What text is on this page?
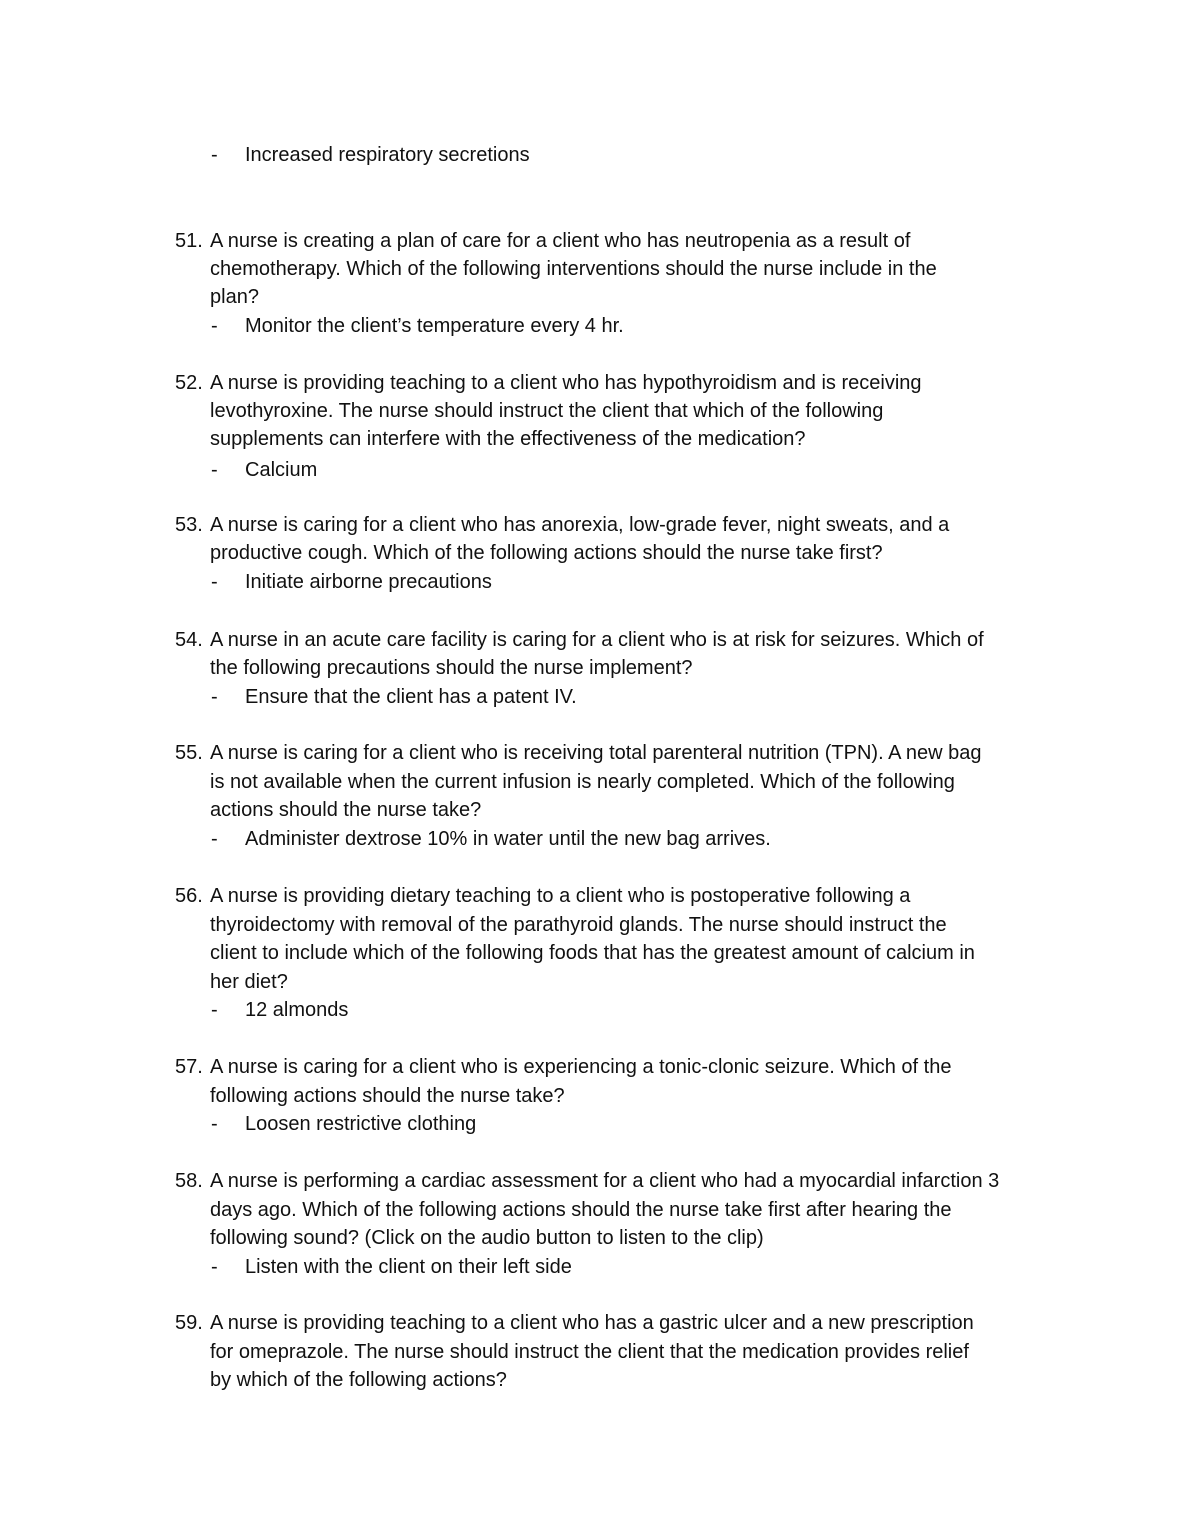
- Increased respiratory secretions
51. A nurse is creating a plan of care for a client who has neutropenia as a result of
chemotherapy. Which of the following interventions should the nurse include in the
plan?
- Monitor the client’s temperature every 4 hr.
52. A nurse is providing teaching to a client who has hypothyroidism and is receiving
levothyroxine. The nurse should instruct the client that which of the following
supplements can interfere with the effectiveness of the medication?
- Calcium
53. A nurse is caring for a client who has anorexia, low-grade fever, night sweats, and a
productive cough. Which of the following actions should the nurse take first?
- Initiate airborne precautions
54. A nurse in an acute care facility is caring for a client who is at risk for seizures. Which of
the following precautions should the nurse implement?
- Ensure that the client has a patent IV.
55. A nurse is caring for a client who is receiving total parenteral nutrition (TPN). A new bag
is not available when the current infusion is nearly completed. Which of the following
actions should the nurse take?
- Administer dextrose 10% in water until the new bag arrives.
56. A nurse is providing dietary teaching to a client who is postoperative following a
thyroidectomy with removal of the parathyroid glands. The nurse should instruct the
client to include which of the following foods that has the greatest amount of calcium in
her diet?
- 12 almonds
57. A nurse is caring for a client who is experiencing a tonic-clonic seizure. Which of the
following actions should the nurse take?
- Loosen restrictive clothing
58. A nurse is performing a cardiac assessment for a client who had a myocardial infarction 3
days ago. Which of the following actions should the nurse take first after hearing the
following sound? (Click on the audio button to listen to the clip)
- Listen with the client on their left side
59. A nurse is providing teaching to a client who has a gastric ulcer and a new prescription
for omeprazole. The nurse should instruct the client that the medication provides relief
by which of the following actions?
